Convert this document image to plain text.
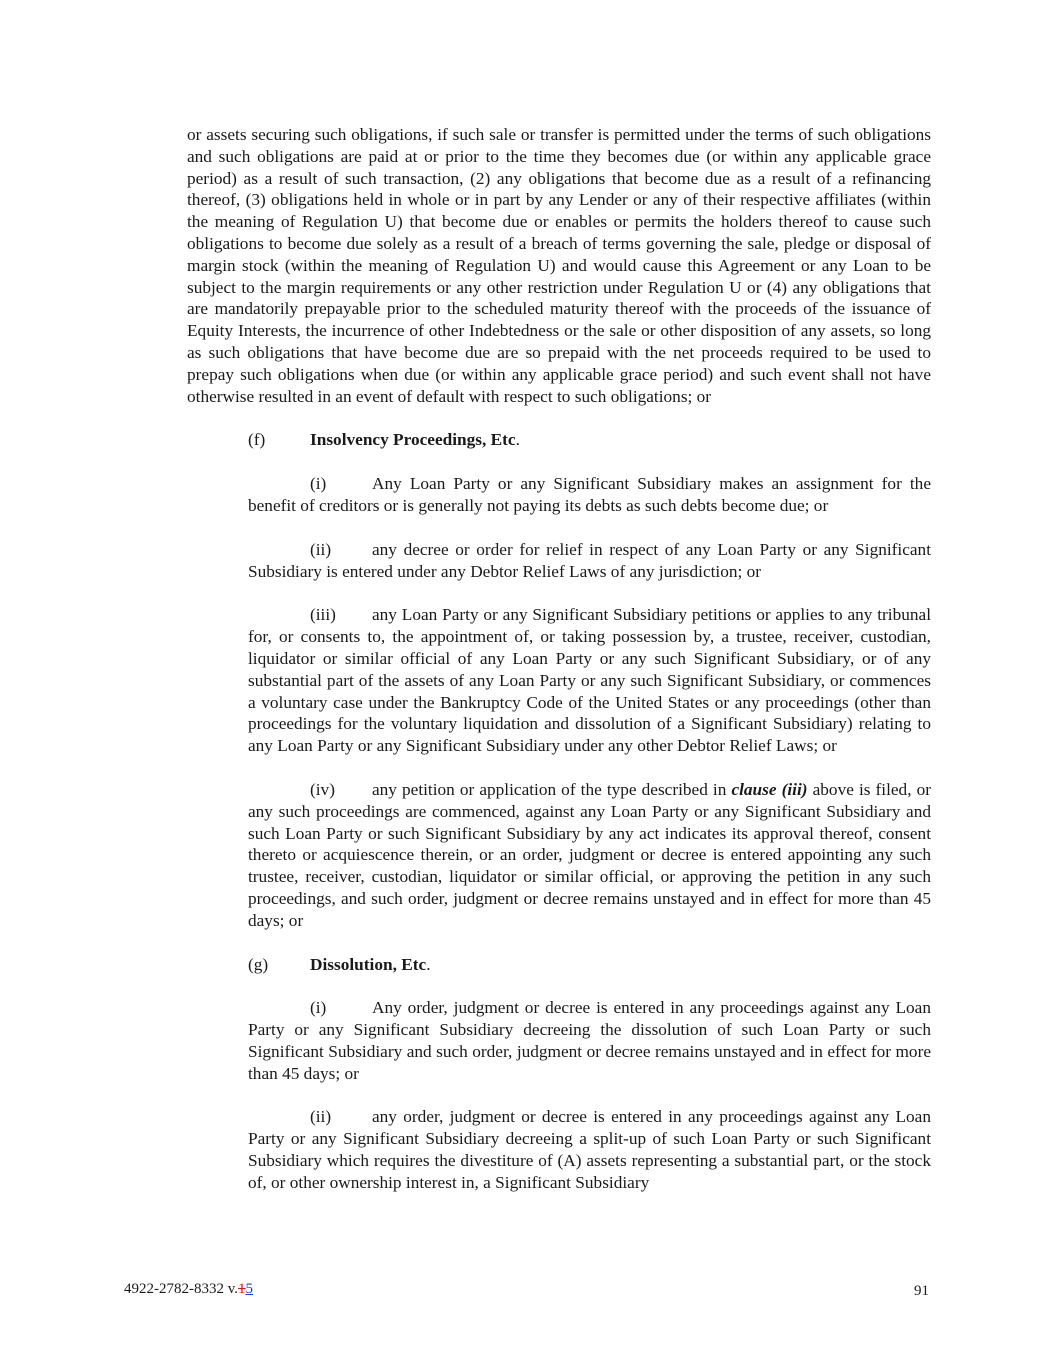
or assets securing such obligations, if such sale or transfer is permitted under the terms of such obligations and such obligations are paid at or prior to the time they becomes due (or within any applicable grace period) as a result of such transaction, (2) any obligations that become due as a result of a refinancing thereof, (3) obligations held in whole or in part by any Lender or any of their respective affiliates (within the meaning of Regulation U) that become due or enables or permits the holders thereof to cause such obligations to become due solely as a result of a breach of terms governing the sale, pledge or disposal of margin stock (within the meaning of Regulation U) and would cause this Agreement or any Loan to be subject to the margin requirements or any other restriction under Regulation U or (4) any obligations that are mandatorily prepayable prior to the scheduled maturity thereof with the proceeds of the issuance of Equity Interests, the incurrence of other Indebtedness or the sale or other disposition of any assets, so long as such obligations that have become due are so prepaid with the net proceeds required to be used to prepay such obligations when due (or within any applicable grace period) and such event shall not have otherwise resulted in an event of default with respect to such obligations; or

(f)	Insolvency Proceedings, Etc.

(i)	Any Loan Party or any Significant Subsidiary makes an assignment for the benefit of creditors or is generally not paying its debts as such debts become due; or

(ii) any decree or order for relief in respect of any Loan Party or any Significant Subsidiary is entered under any Debtor Relief Laws of any jurisdiction; or

(iii) any Loan Party or any Significant Subsidiary petitions or applies to any tribunal for, or consents to, the appointment of, or taking possession by, a trustee, receiver, custodian, liquidator or similar official of any Loan Party or any such Significant Subsidiary, or of any substantial part of the assets of any Loan Party or any such Significant Subsidiary, or commences a voluntary case under the Bankruptcy Code of the United States or any proceedings (other than proceedings for the voluntary liquidation and dissolution of a Significant Subsidiary) relating to any Loan Party or any Significant Subsidiary under any other Debtor Relief Laws; or

(iv) any petition or application of the type described in clause (iii) above is filed, or any such proceedings are commenced, against any Loan Party or any Significant Subsidiary and such Loan Party or such Significant Subsidiary by any act indicates its approval thereof, consent thereto or acquiescence therein, or an order, judgment or decree is entered appointing any such trustee, receiver, custodian, liquidator or similar official, or approving the petition in any such proceedings, and such order, judgment or decree remains unstayed and in effect for more than 45 days; or

(g)	Dissolution, Etc.

(i)	Any order, judgment or decree is entered in any proceedings against any Loan Party or any Significant Subsidiary decreeing the dissolution of such Loan Party or such Significant Subsidiary and such order, judgment or decree remains unstayed and in effect for more than 45 days; or

(ii) any order, judgment or decree is entered in any proceedings against any Loan Party or any Significant Subsidiary decreeing a split-up of such Loan Party or such Significant Subsidiary which requires the divestiture of (A) assets representing a substantial part, or the stock of, or other ownership interest in, a Significant Subsidiary

4922-2782-8332 v.15	91
